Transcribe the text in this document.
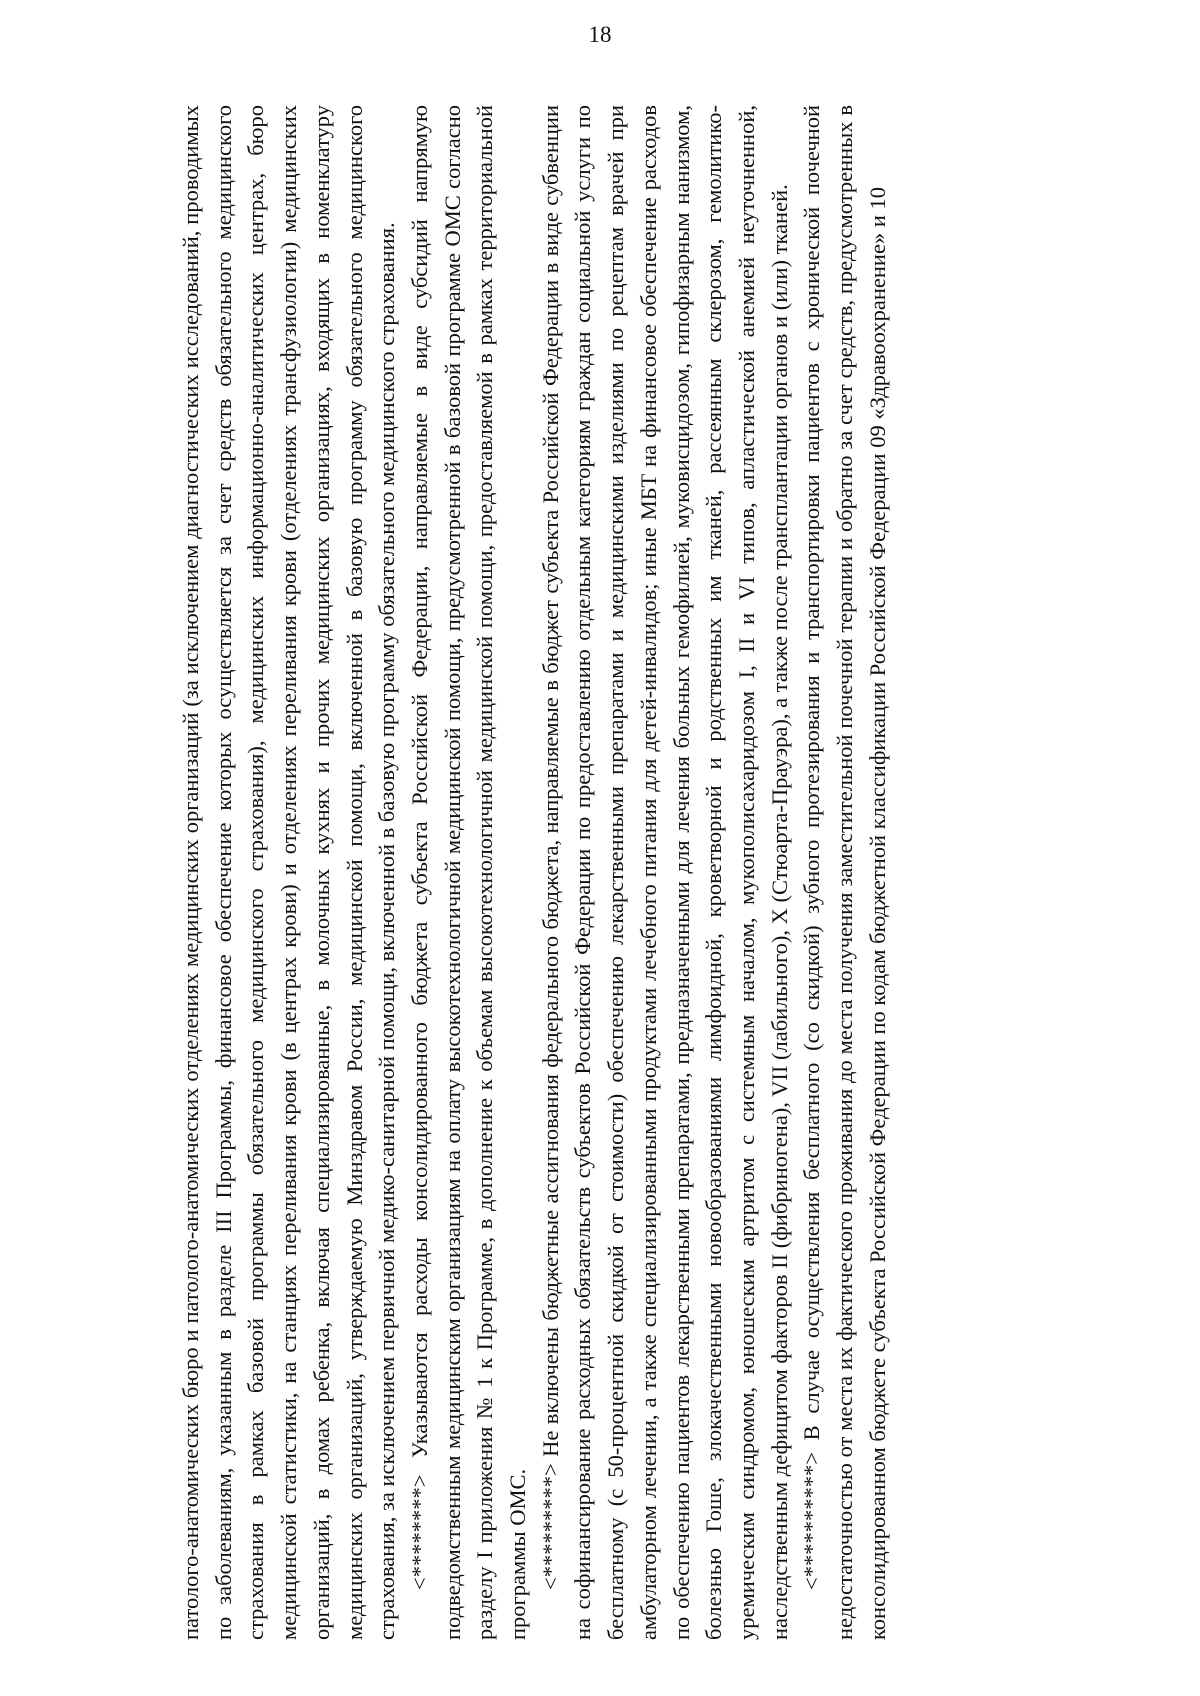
18

патолого-анатомических бюро и патолого-анатомических отделениях медицинских организаций (за исключением диагностических исследований, проводимых по заболеваниям, указанным в разделе III Программы, финансовое обеспечение которых осуществляется за счет средств обязательного медицинского страхования в рамках базовой программы обязательного медицинского страхования), медицинских информационно-аналитических центрах, бюро медицинской статистики, на станциях переливания крови (в центрах крови) и отделениях переливания крови (отделениях трансфузиологии) медицинских организаций, в домах ребенка, включая специализированные, в молочных кухнях и прочих медицинских организациях, входящих в номенклатуру медицинских организаций, утверждаемую Минздравом России, медицинской помощи, включенной в базовую программу обязательного медицинского страхования, за исключением первичной медико-санитарной помощи, включенной в базовую программу обязательного медицинского страхования. <********> Указываются расходы консолидированного бюджета субъекта Российской Федерации, направляемые в виде субсидий напрямую подведомственным медицинским организациям на оплату высокотехнологичной медицинской помощи, предусмотренной в базовой программе ОМС согласно разделу I приложения № 1 к Программе, в дополнение к объемам высокотехнологичной медицинской помощи, предоставляемой в рамках территориальной программы ОМС. <*********> Не включены бюджетные ассигнования федерального бюджета, направляемые в бюджет субъекта Российской Федерации в виде субвенции на софинансирование расходных обязательств субъектов Российской Федерации по предоставлению отдельным категориям граждан социальной услуги по бесплатному (с 50-процентной скидкой от стоимости) обеспечению лекарственными препаратами и медицинскими изделиями по рецептам врачей при амбулаторном лечении, а также специализированными продуктами лечебного питания для детей-инвалидов; иные МБТ на финансовое обеспечение расходов по обеспечению пациентов лекарственными препаратами, предназначенными для лечения больных гемофилией, муковисцидозом, гипофизарным нанизмом, болезнью Гоше, злокачественными новообразованиями лимфоидной, кроветворной и родственных им тканей, рассеянным склерозом, гемолитико-уремическим синдромом, юношеским артритом с системным началом, мукополисахаридозом I, II и VI типов, апластической анемией неуточненной, наследственным дефицитом факторов II (фибриногена), VII (лабильного), X (Стюарта-Прауэра), а также после трансплантации органов и (или) тканей. <**********> В случае осуществления бесплатного (со скидкой) зубного протезирования и транспортировки пациентов с хронической почечной недостаточностью от места их фактического проживания до места получения заместительной почечной терапии и обратно за счет средств, предусмотренных в консолидированном бюджете субъекта Российской Федерации по кодам бюджетной классификации Российской Федерации 09 «Здравоохранение» и 10
